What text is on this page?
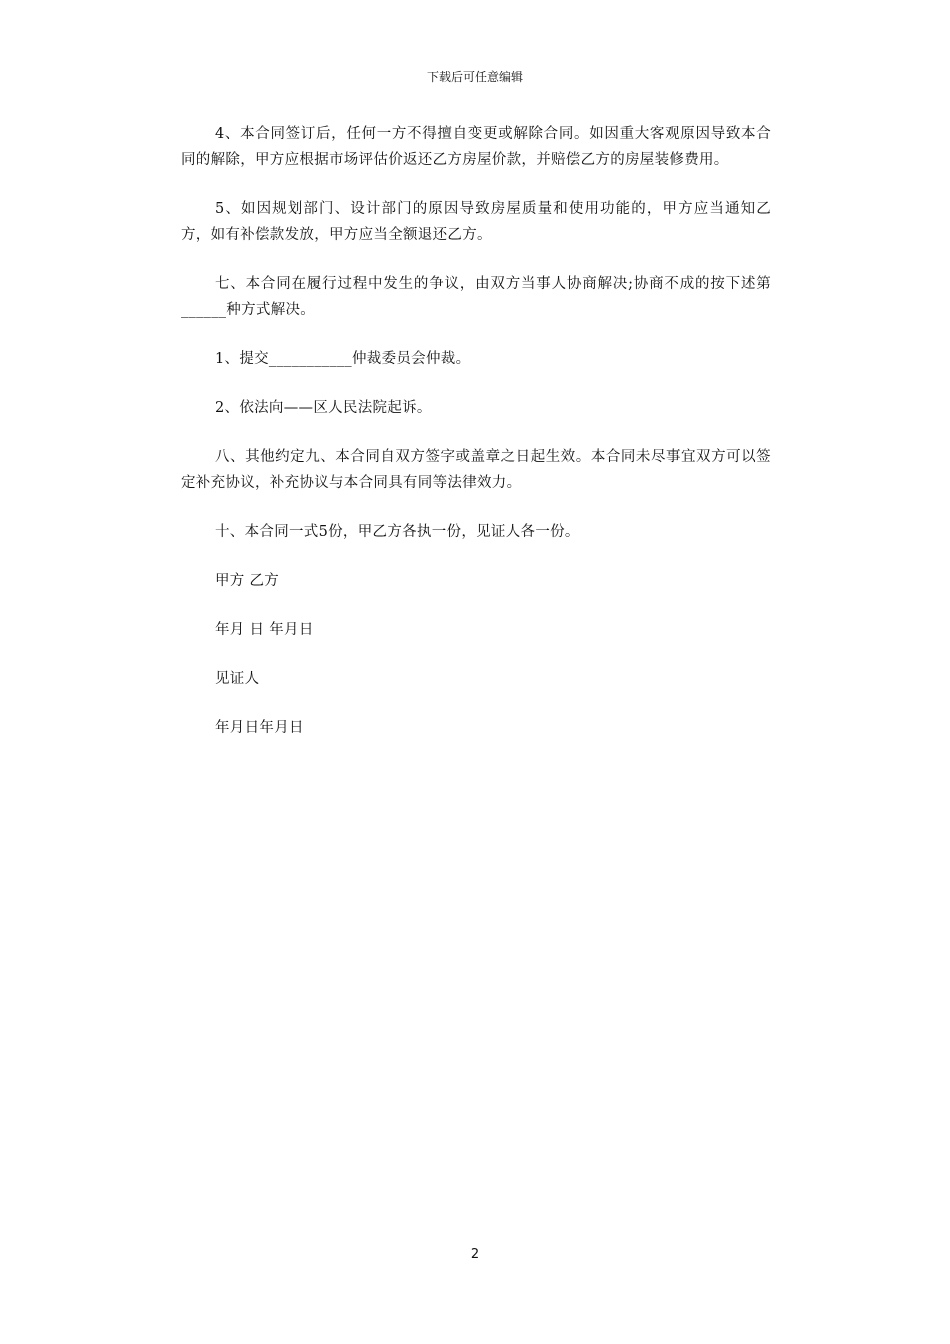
下载后可任意编辑

4、本合同签订后，任何一方不得擅自变更或解除合同。如因重大客观原因导致本合同的解除，甲方应根据市场评估价返还乙方房屋价款，并赔偿乙方的房屋装修费用。

5、如因规划部门、设计部门的原因导致房屋质量和使用功能的，甲方应当通知乙方，如有补偿款发放，甲方应当全额退还乙方。

七、本合同在履行过程中发生的争议，由双方当事人协商解决;协商不成的按下述第______种方式解决。

1、提交___________仲裁委员会仲裁。

2、依法向——区人民法院起诉。

八、其他约定九、本合同自双方签字或盖章之日起生效。本合同未尽事宜双方可以签定补充协议，补充协议与本合同具有同等法律效力。

十、本合同一式5份，甲乙方各执一份，见证人各一份。

甲方 乙方

年月 日 年月日

见证人

年月日年月日

2
